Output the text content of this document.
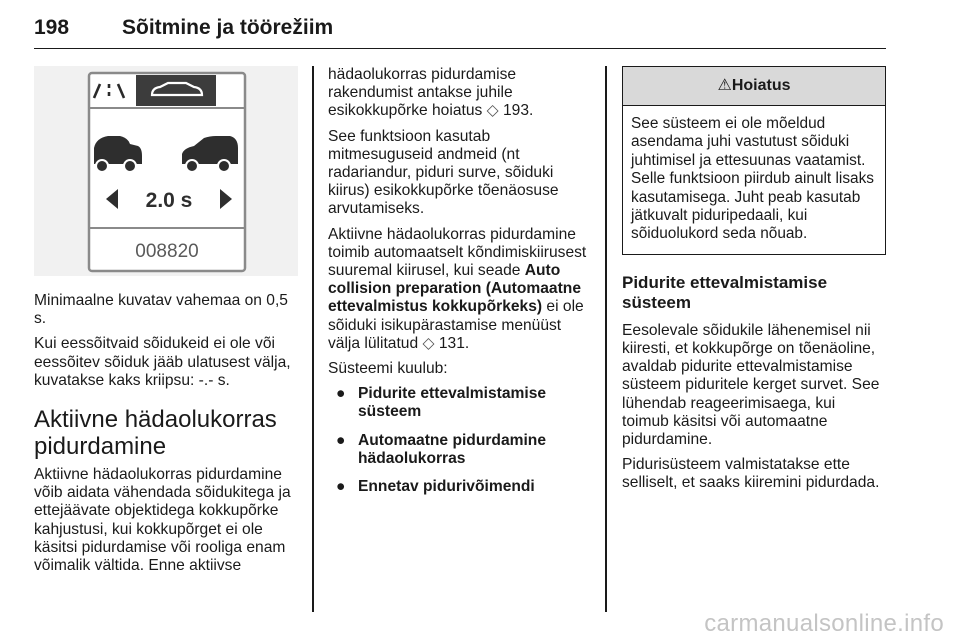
198	Sõitmine ja töörežiim
2.0 s
008820

Minimaalne kuvatav vahemaa on 0,5 s.

Kui eessõitvaid sõidukeid ei ole või eessõitev sõiduk jääb ulatusest välja, kuvatakse kaks kriipsu: -.- s.

Aktiivne hädaolukorras pidurdamine

Aktiivne hädaolukorras pidurdamine võib aidata vähendada sõidukitega ja ettejäävate objektidega kokkupõrke kahjustusi, kui kokkupõrget ei ole käsitsi pidurdamise või rooliga enam võimalik vältida. Enne aktiivse

hädaolukorras pidurdamise rakendumist antakse juhile esikokkupõrke hoiatus ◇ 193.

See funktsioon kasutab mitmesuguseid andmeid (nt radariandur, piduri surve, sõiduki kiirus) esikokkupõrke tõenäosuse arvutamiseks.

Aktiivne hädaolukorras pidurdamine toimib automaatselt kõndimiskiirusest suuremal kiirusel, kui seade Auto collision preparation (Automaatne ettevalmistus kokkupõrkeks) ei ole sõiduki isikupärastamise menüüst välja lülitatud ◇ 131.

Süsteemi kuulub:

● Pidurite ettevalmistamise süsteem
● Automaatne pidurdamine hädaolukorras
● Ennetav pidurivõimendi
⚠Hoiatus
See süsteem ei ole mõeldud asendama juhi vastutust sõiduki juhtimisel ja ettesuunas vaatamist. Selle funktsioon piirdub ainult lisaks kasutamisega. Juht peab kasutab jätkuvalt piduripedaali, kui sõiduolukord seda nõuab.
Pidurite ettevalmistamise süsteem

Eesolevale sõidukile lähenemisel nii kiiresti, et kokkupõrge on tõenäoline, avaldab pidurite ettevalmistamise süsteem piduritele kerget survet. See lühendab reageerimisaega, kui toimub käsitsi või automaatne pidurdamine.

Pidurisüsteem valmistatakse ette selliselt, et saaks kiiremini pidurdada.

carmanualsonline.info
